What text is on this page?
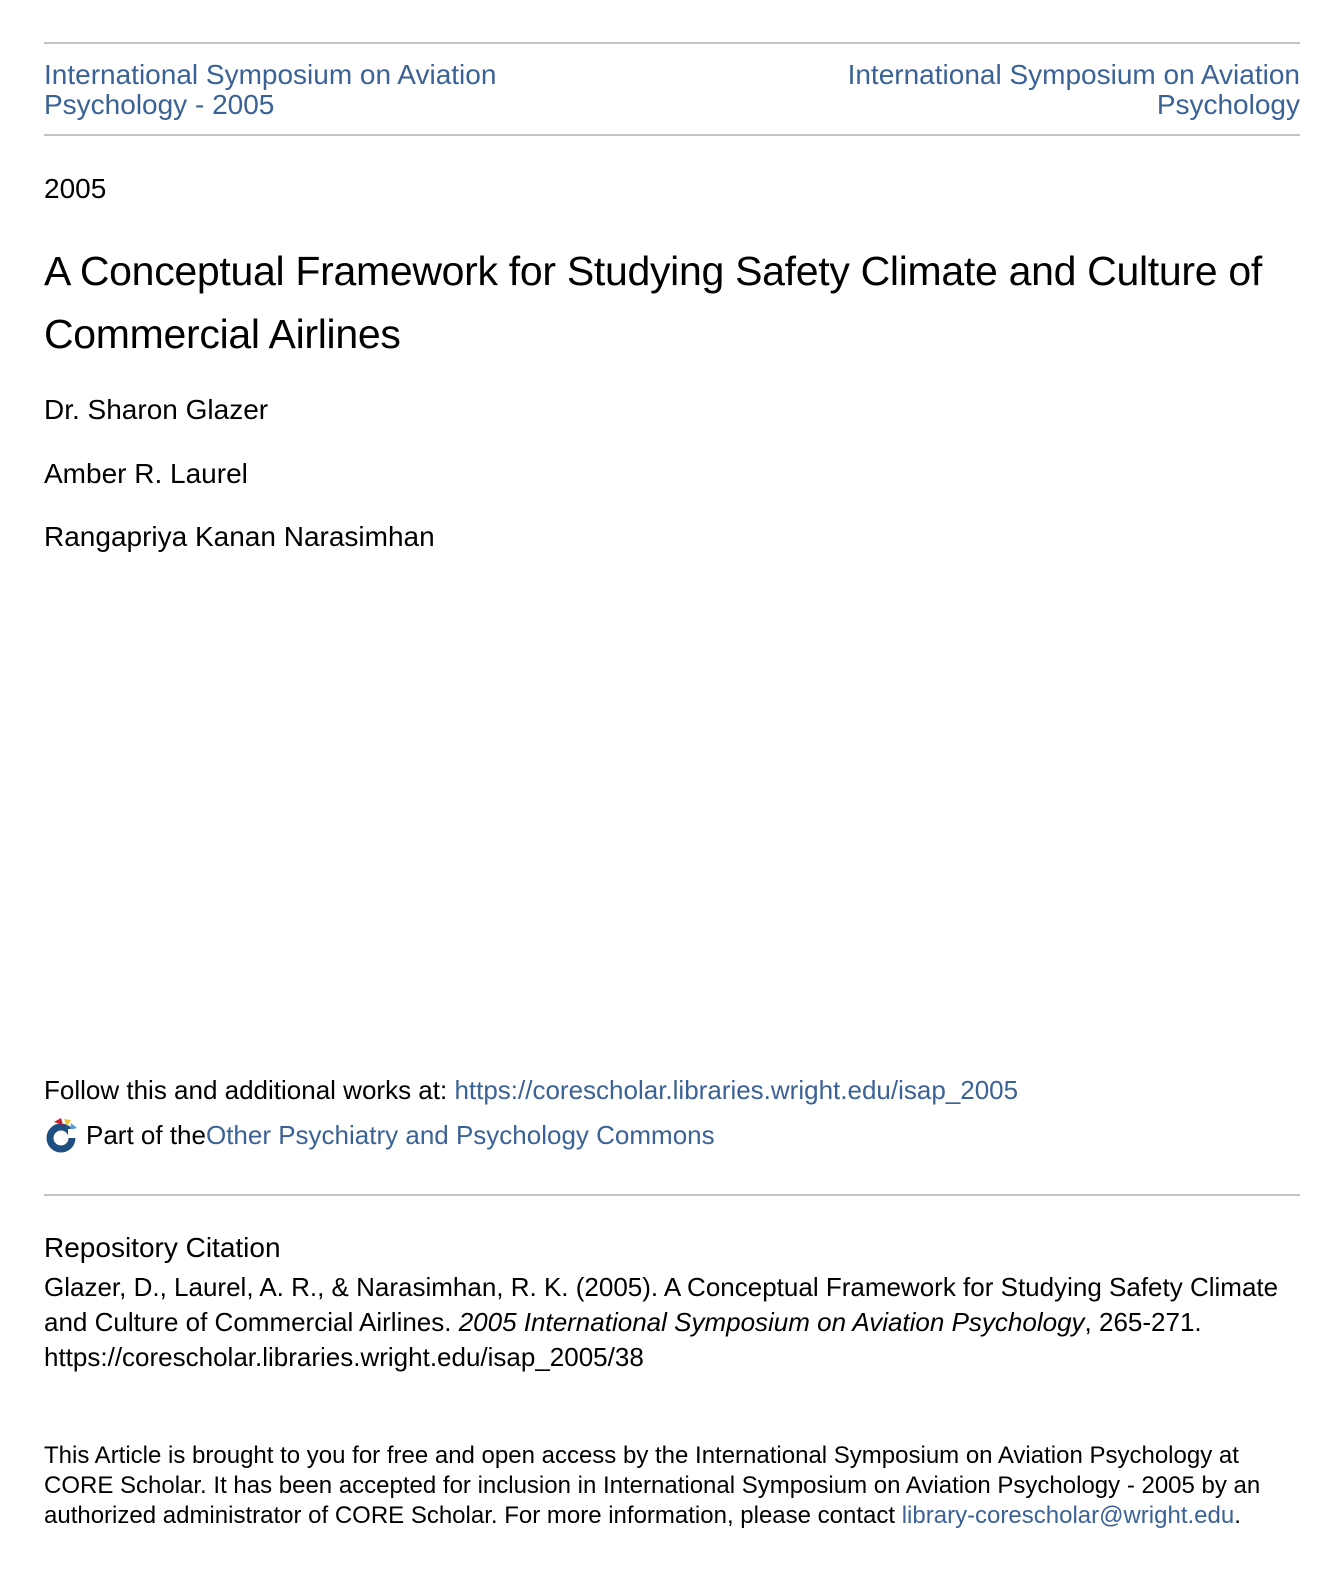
International Symposium on Aviation Psychology - 2005
International Symposium on Aviation Psychology
2005
A Conceptual Framework for Studying Safety Climate and Culture of Commercial Airlines
Dr. Sharon Glazer
Amber R. Laurel
Rangapriya Kanan Narasimhan
Follow this and additional works at: https://corescholar.libraries.wright.edu/isap_2005
Part of the Other Psychiatry and Psychology Commons
Repository Citation
Glazer, D., Laurel, A. R., & Narasimhan, R. K. (2005). A Conceptual Framework for Studying Safety Climate and Culture of Commercial Airlines. 2005 International Symposium on Aviation Psychology, 265-271.
https://corescholar.libraries.wright.edu/isap_2005/38
This Article is brought to you for free and open access by the International Symposium on Aviation Psychology at CORE Scholar. It has been accepted for inclusion in International Symposium on Aviation Psychology - 2005 by an authorized administrator of CORE Scholar. For more information, please contact library-corescholar@wright.edu.
